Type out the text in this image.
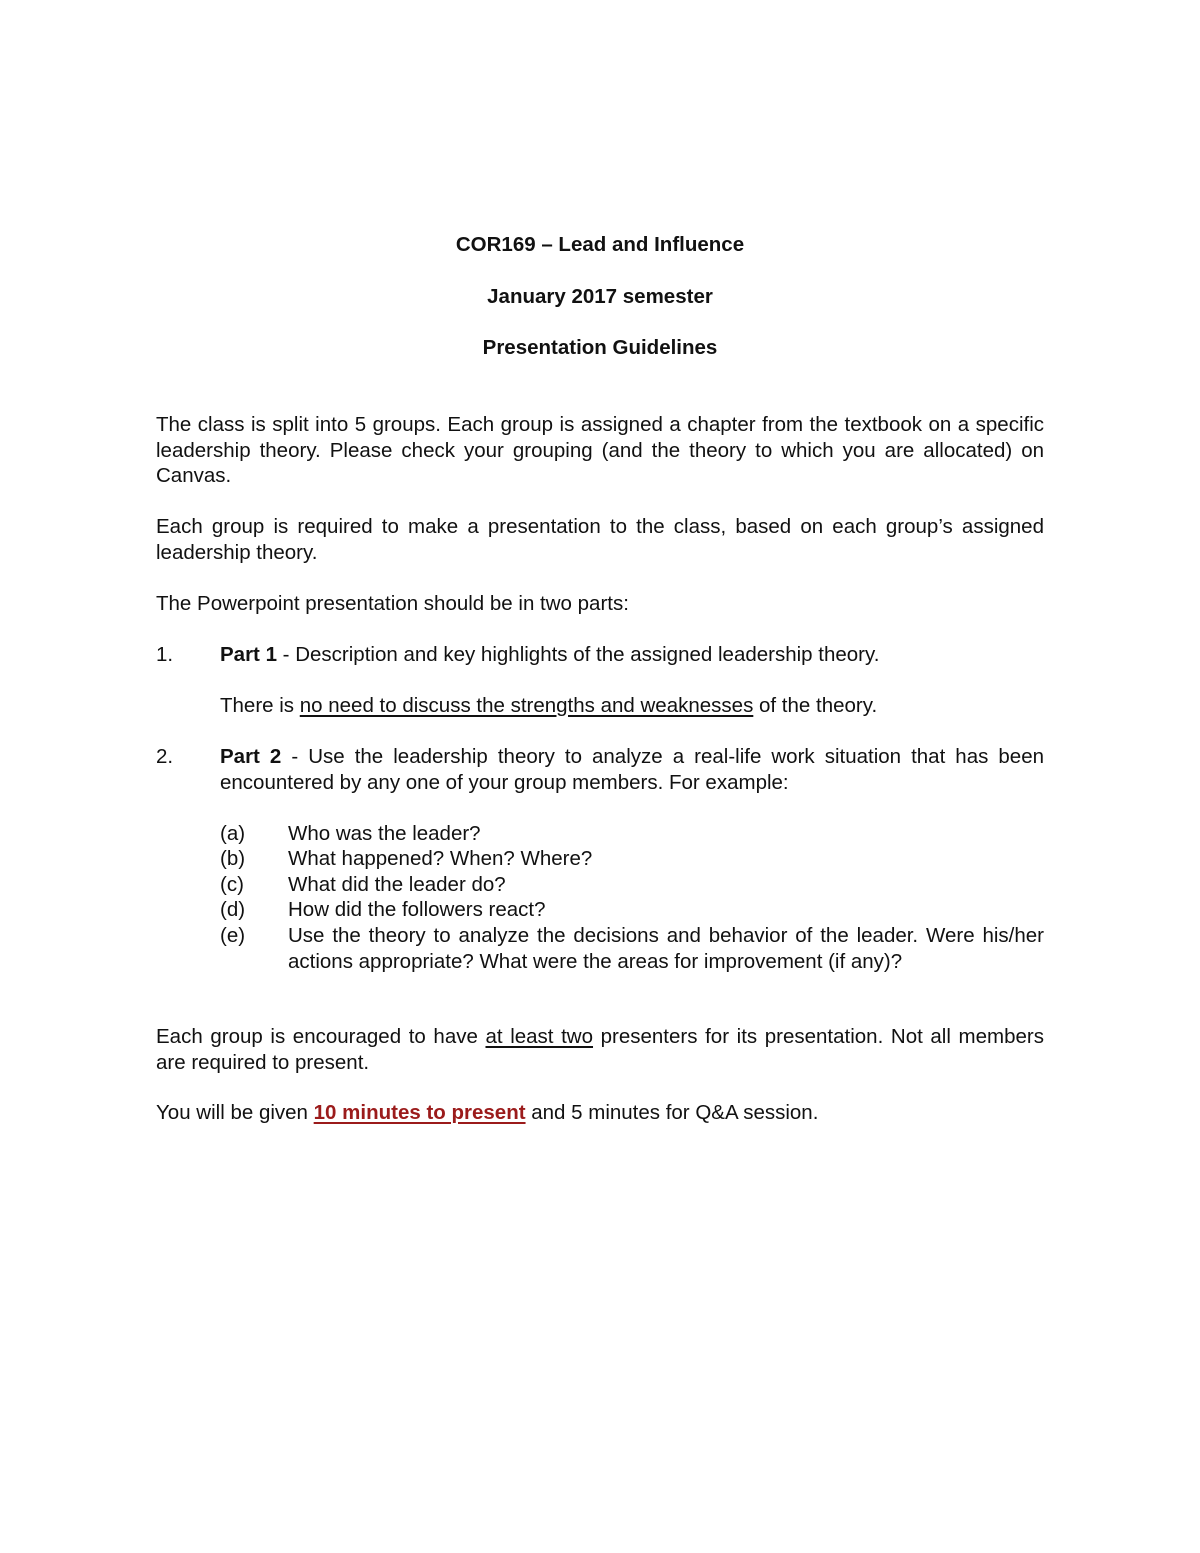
COR169 – Lead and Influence
January 2017 semester
Presentation Guidelines
The class is split into 5 groups. Each group is assigned a chapter from the textbook on a specific leadership theory. Please check your grouping (and the theory to which you are allocated) on Canvas.
Each group is required to make a presentation to the class, based on each group’s assigned leadership theory.
The Powerpoint presentation should be in two parts:
1. Part 1 - Description and key highlights of the assigned leadership theory.
There is no need to discuss the strengths and weaknesses of the theory.
2. Part 2 - Use the leadership theory to analyze a real-life work situation that has been encountered by any one of your group members. For example:
(a) Who was the leader?
(b) What happened? When? Where?
(c) What did the leader do?
(d) How did the followers react?
(e) Use the theory to analyze the decisions and behavior of the leader. Were his/her actions appropriate? What were the areas for improvement (if any)?
Each group is encouraged to have at least two presenters for its presentation. Not all members are required to present.
You will be given 10 minutes to present and 5 minutes for Q&A session.
